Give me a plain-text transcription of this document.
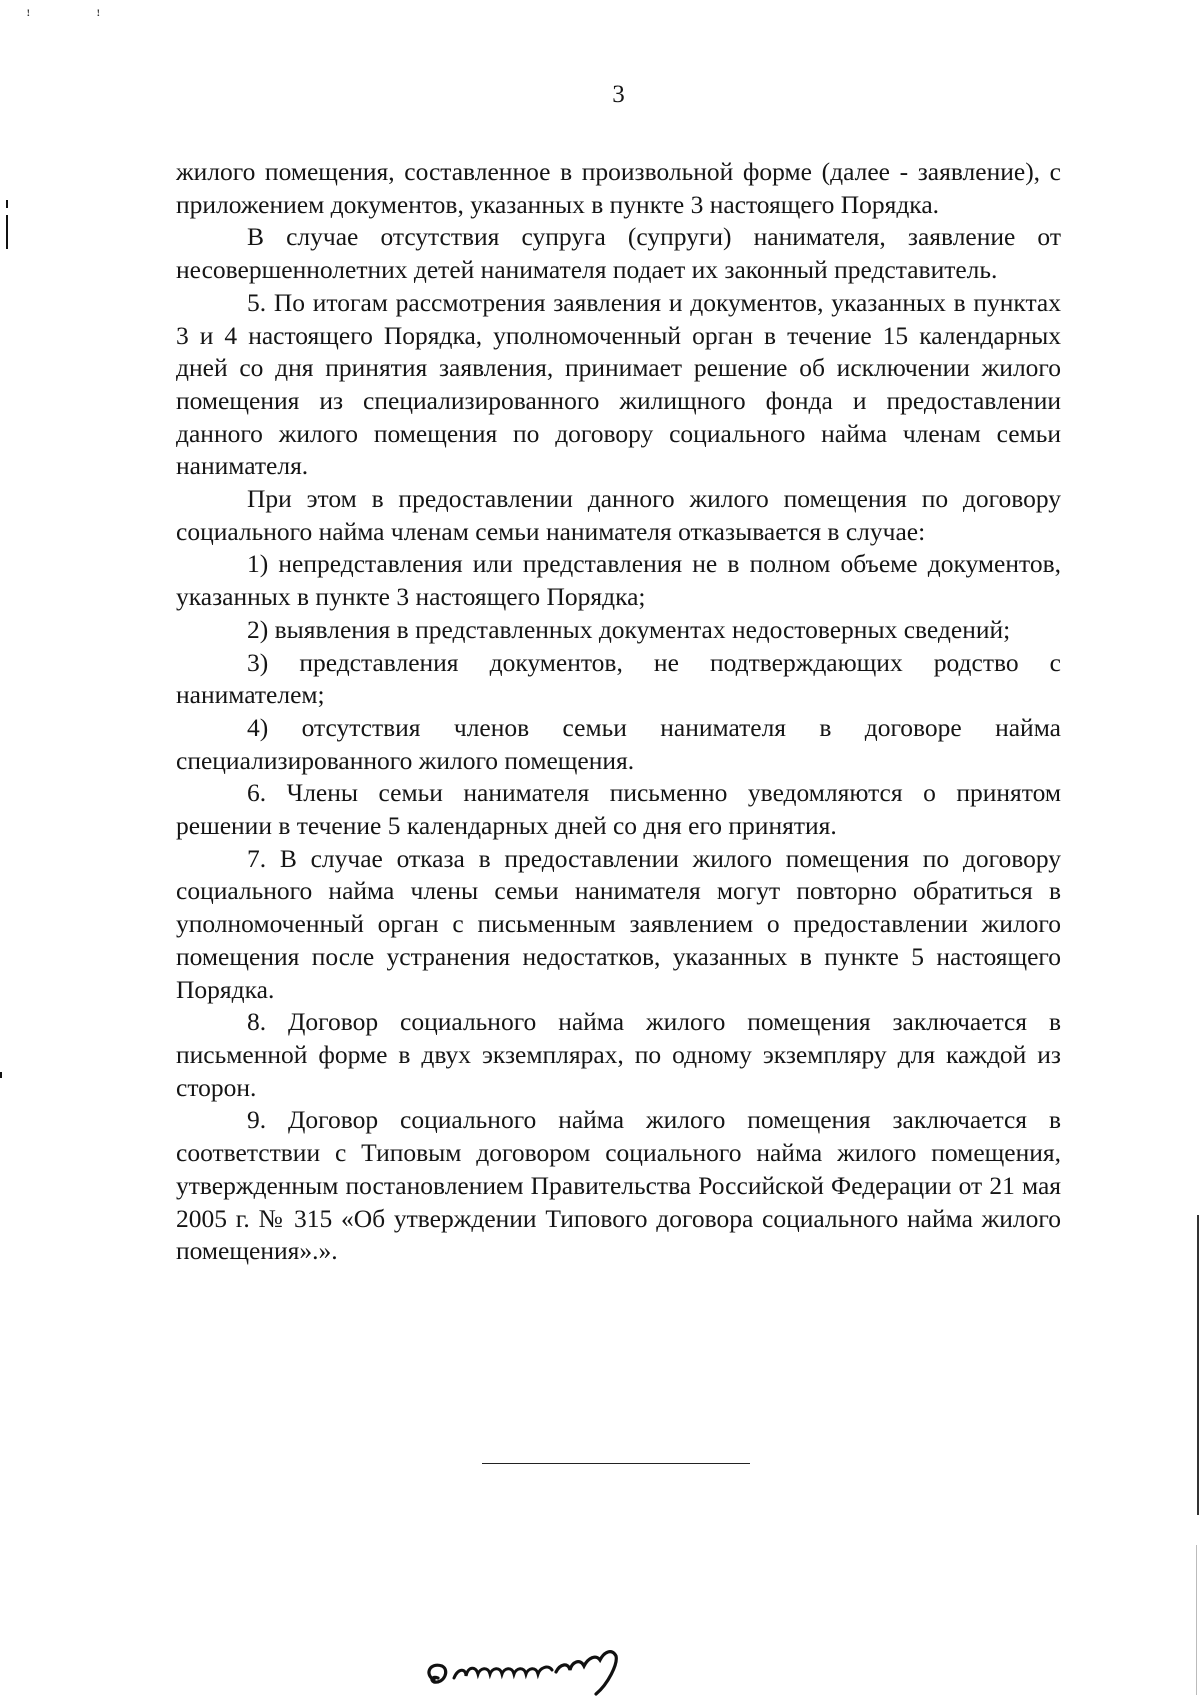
ꜝ	ꜝ
3

жилого помещения, составленное в произвольной форме (далее - заявление), с приложением документов, указанных в пункте 3 настоящего Порядка.

В случае отсутствия супруга (супруги) нанимателя, заявление от несовершеннолетних детей нанимателя подает их законный представитель.

5. По итогам рассмотрения заявления и документов, указанных в пунктах 3 и 4 настоящего Порядка, уполномоченный орган в течение 15 календарных дней со дня принятия заявления, принимает решение об исключении жилого помещения из специализированного жилищного фонда и предоставлении данного жилого помещения по договору социального найма членам семьи нанимателя.

При этом в предоставлении данного жилого помещения по договору социального найма членам семьи нанимателя отказывается в случае:

1) непредставления или представления не в полном объеме документов, указанных в пункте 3 настоящего Порядка;

2) выявления в представленных документах недостоверных сведений;

3) представления документов, не подтверждающих родство с нанимателем;

4) отсутствия членов семьи нанимателя в договоре найма специализированного жилого помещения.

6. Члены семьи нанимателя письменно уведомляются о принятом решении в течение 5 календарных дней со дня его принятия.

7. В случае отказа в предоставлении жилого помещения по договору социального найма члены семьи нанимателя могут повторно обратиться в уполномоченный орган с письменным заявлением о предоставлении жилого помещения после устранения недостатков, указанных в пункте 5 настоящего Порядка.

8. Договор социального найма жилого помещения заключается в письменной форме в двух экземплярах, по одному экземпляру для каждой из сторон.

9. Договор социального найма жилого помещения заключается в соответствии с Типовым договором социального найма жилого помещения, утвержденным постановлением Правительства Российской Федерации от 21 мая 2005 г. № 315 «Об утверждении Типового договора социального найма жилого помещения».».
